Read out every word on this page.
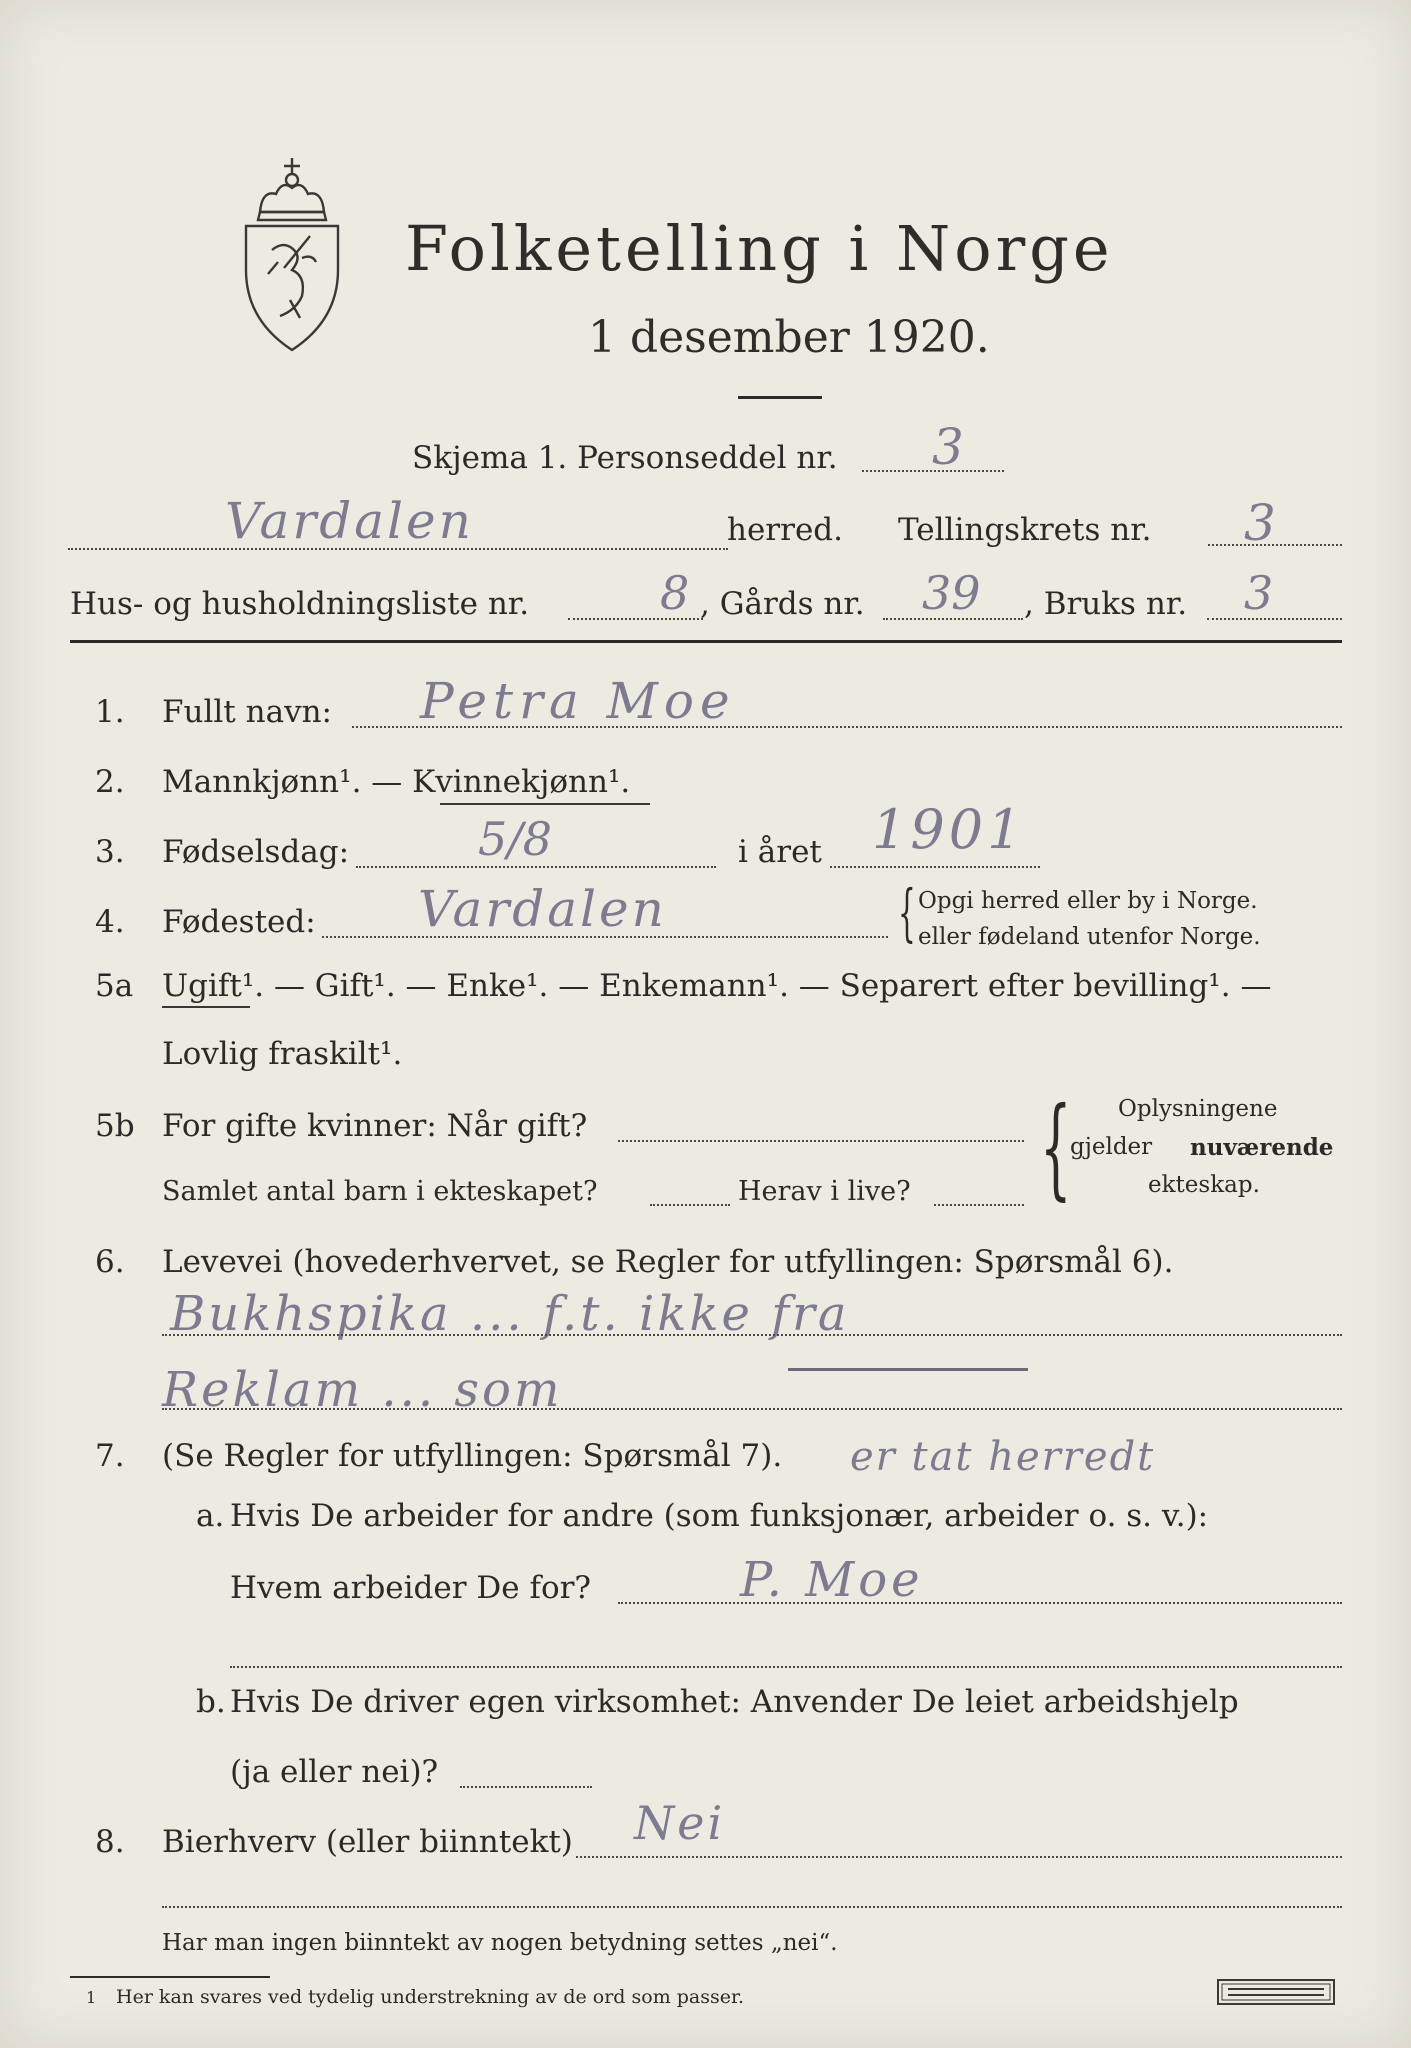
Folketelling i Norge
1 desember 1920.
Skjema 1. Personseddel nr. 3
Vardalen	herred. Tellingskrets nr. 3
Hus- og husholdningsliste nr.	8 , Gårds nr. 39 , Bruks nr. 3
1. Fullt navn: Petra Moe
2. Mannkjønn¹. — Kvinnekjønn¹.
3. Fødselsdag:	5/8	i året 1901
4. Fødested: Vardalen	{ Opgi herred eller by i Norge.
eller fødeland utenfor Norge.
5a Ugift¹. — Gift¹. — Enke¹. — Enkemann¹. — Separert efter bevilling¹. —
Lovlig fraskilt¹.
5b For gifte kvinner: Når gift?
Samlet antal barn i ekteskapet?	Herav i live? { Oplysningene
gjelder nuværende
ekteskap.
6. Levevei (hovederhvervet, se Regler for utfyllingen: Spørsmål 6).
Bukhspika ... f.t. ikke fra
Reklam ... som
er tat herredt
7. (Se Regler for utfyllingen: Spørsmål 7).
a. Hvis De arbeider for andre (som funksjonær, arbeider o. s. v.):
Hvem arbeider De for?	P. Moe
b. Hvis De driver egen virksomhet: Anvender De leiet arbeidshjelp
(ja eller nei)?
8. Bierhverv (eller biinntekt) Nei
Har man ingen biinntekt av nogen betydning settes „nei“.
1 Her kan svares ved tydelig understrekning av de ord som passer.
